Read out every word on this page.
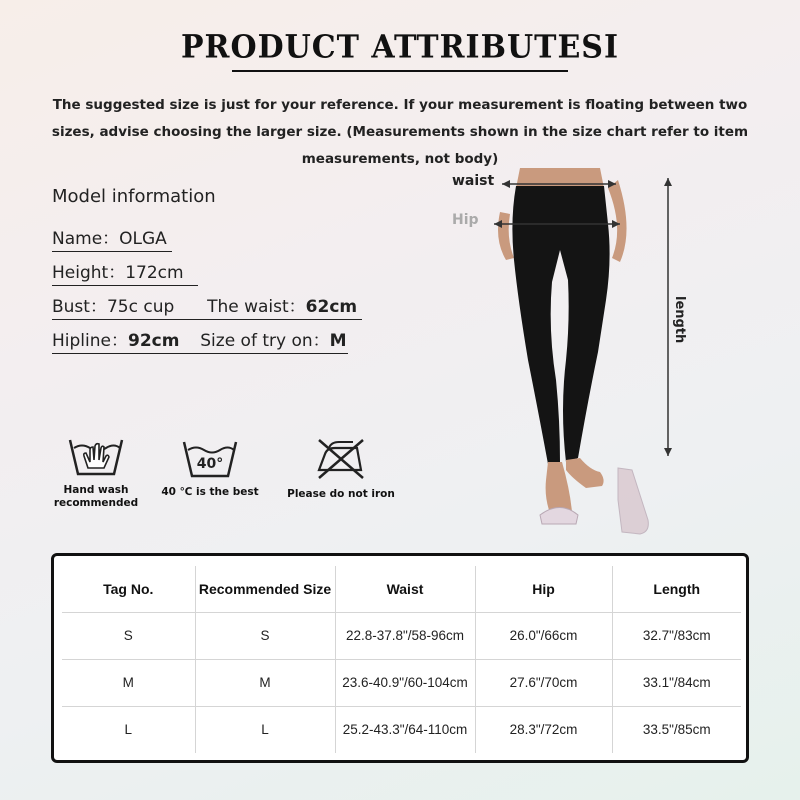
PRODUCT ATTRIBUTESI
The suggested size is just for your reference. If your measurement is floating between two sizes, advise choosing the larger size. (Measurements shown in the size chart refer to item measurements, not body)
Model information
Name：OLGA
Height：172cm
Bust：75c cup The waist：62cm
Hipline：92cm Size of try on：M
Hand wash
recommended
40°
40 ℃ is the best	Please do not iron
waist
Hip
length
Tag No.	Recommended Size	Waist	Hip	Length
S	S	22.8-37.8"/58-96cm	26.0"/66cm	32.7"/83cm
M	M	23.6-40.9"/60-104cm	27.6"/70cm	33.1"/84cm
L	L	25.2-43.3"/64-110cm	28.3"/72cm	33.5"/85cm
